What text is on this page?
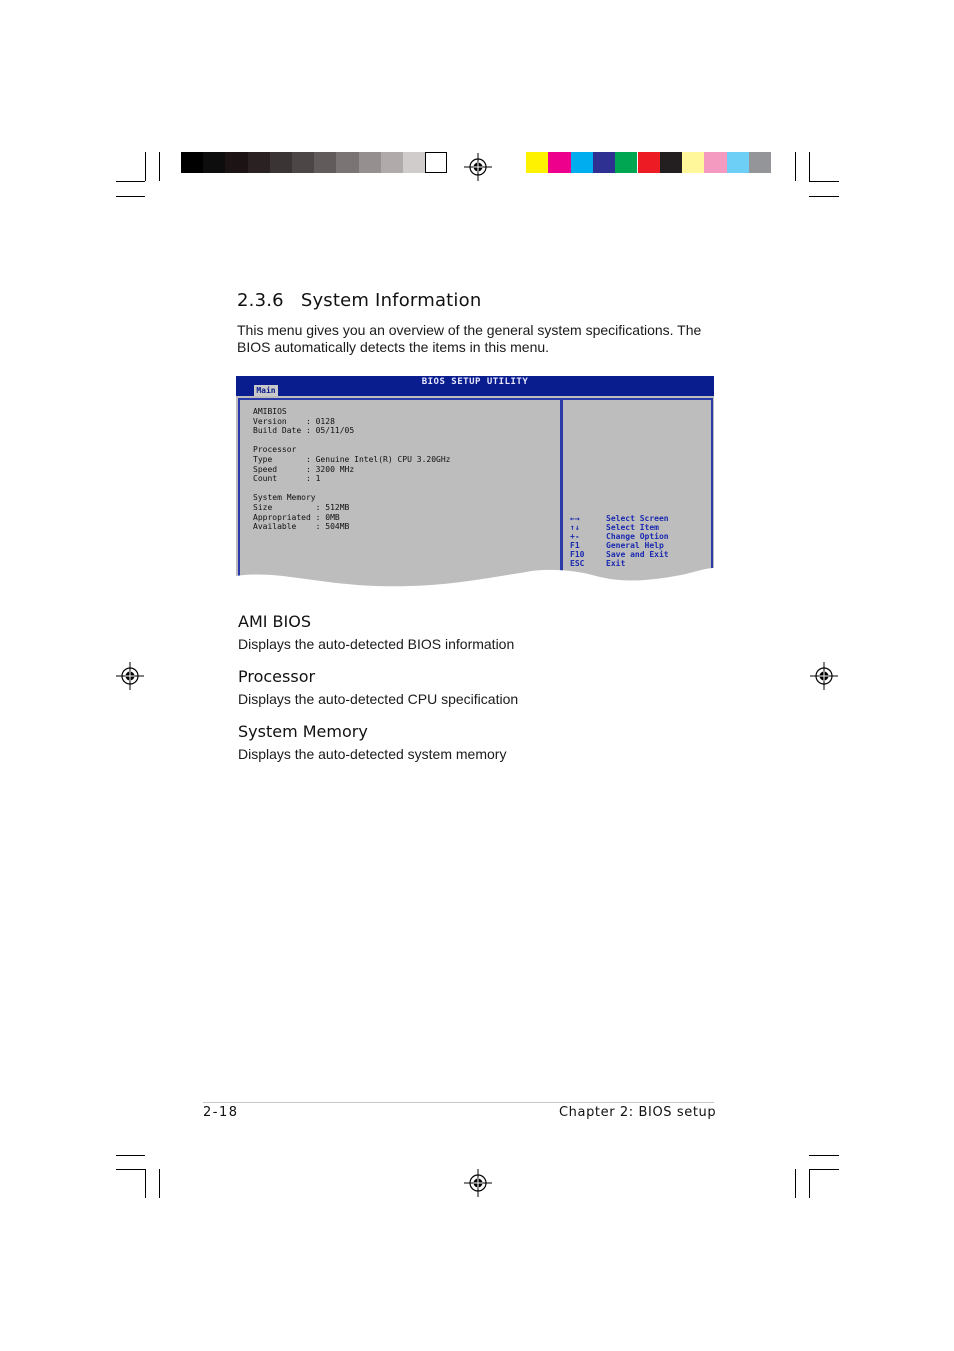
2.3.6 System Information
This menu gives you an overview of the general system specifications. The BIOS automatically detects the items in this menu.
BIOS SETUP UTILITY
Main
AMIBIOS
Version    : 0128
Build Date : 05/11/05
Processor
Type       : Genuine Intel(R) CPU 3.20GHz
Speed      : 3200 MHz
Count      : 1
System Memory
Size         : 512MB
Appropriated : 0MB
Available    : 504MB
←→	Select Screen
↑↓	Select Item
+-	Change Option
F1	General Help
F10	Save and Exit
ESC	Exit
AMI BIOS
Displays the auto-detected BIOS information
Processor
Displays the auto-detected CPU specification
System Memory
Displays the auto-detected system memory
2-18	Chapter 2: BIOS setup
